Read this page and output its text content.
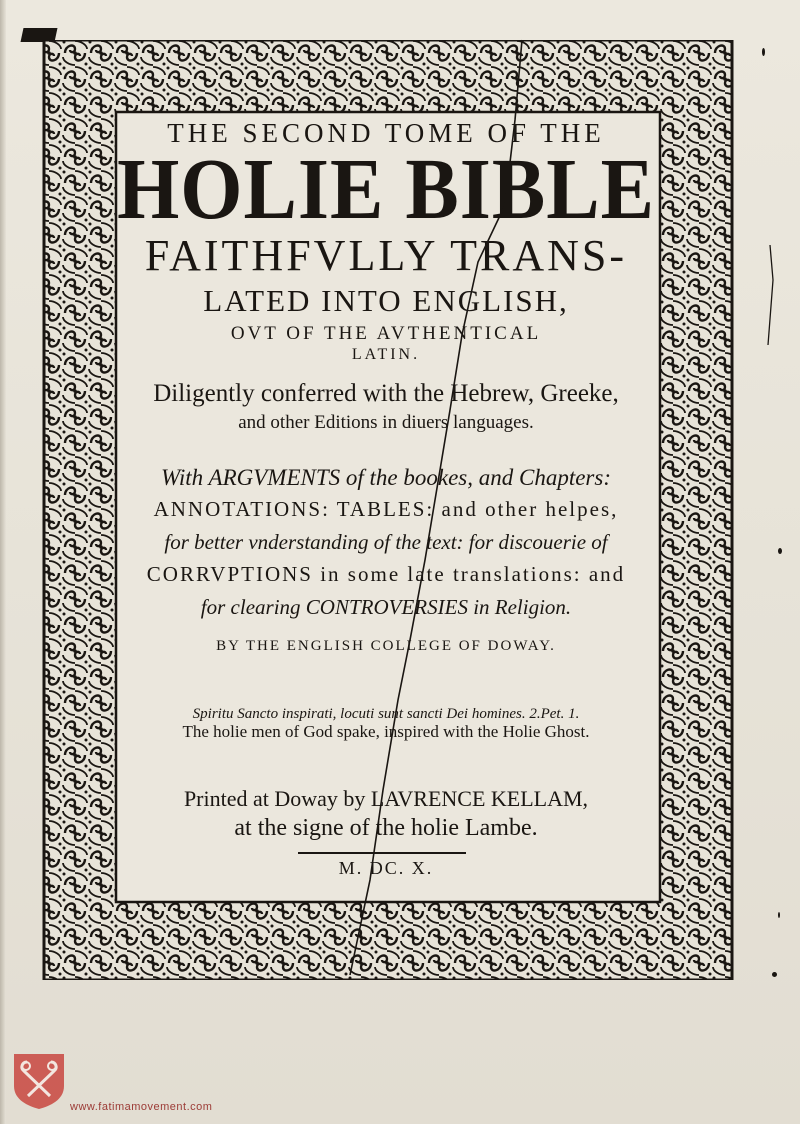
THE SECOND TOME OF THE
HOLIE BIBLE
FAITHFVLLY TRANS-
LATED INTO ENGLISH,
OVT OF THE AVTHENTICAL
LATIN.
Diligently conferred with the Hebrew, Greeke,
and other Editions in diuers languages.
With ARGVMENTS of the bookes, and Chapters:
ANNOTATIONS: TABLES: and other helpes,
for better vnderstanding of the text: for discouerie of
CORRVPTIONS in some late translations: and
for clearing CONTROVERSIES in Religion.
BY THE ENGLISH COLLEGE OF DOWAY.
Spiritu Sancto inspirati, locuti sunt sancti Dei homines. 2.Pet. 1.
The holie men of God spake, inspired with the Holie Ghost.
Printed at Doway by LAVRENCE KELLAM,
at the signe of the holie Lambe.
M. DC. X.
www.fatimamovement.com
